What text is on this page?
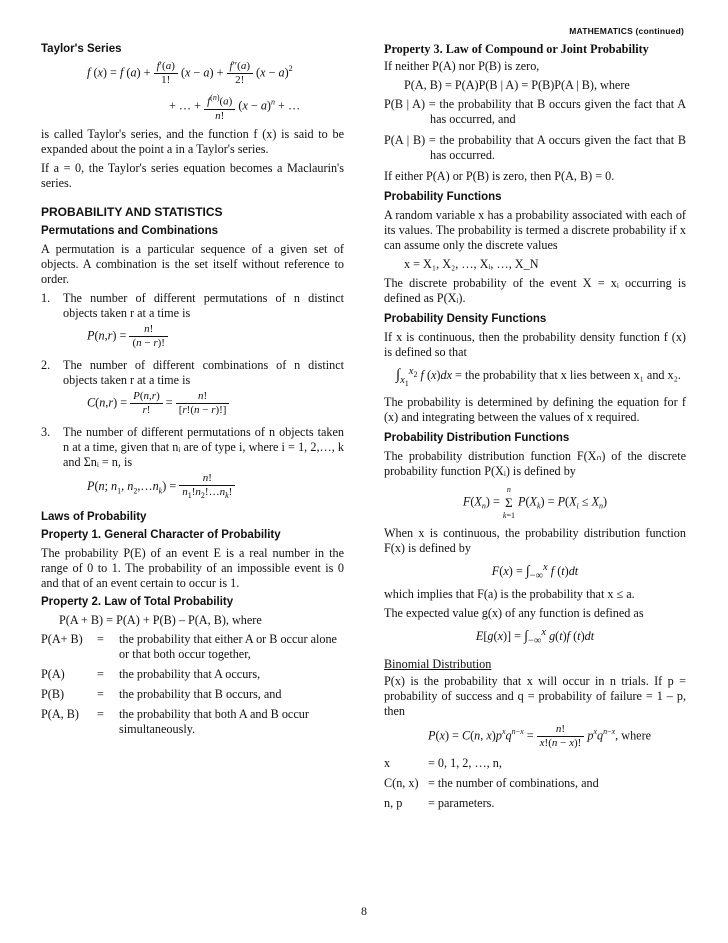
MATHEMATICS (continued)
Taylor's Series
f (x) = f $(a) + \frac{f'(a)}{1!} (x - a) + \frac{f''(a)}{2!} (x - a)^2$
+ … + $\frac{f^{(n)}(a)}{n!} (x - a)^n$ + …

is called Taylor's series, and the function f (x) is said to be expanded about the point a in a Taylor's series.

If a = 0, the Taylor's series equation becomes a Maclaurin's series.

PROBABILITY AND STATISTICS
Permutations and Combinations

A permutation is a particular sequence of a given set of objects. A combination is the set itself without reference to order.

1.	The number of different permutations of n distinct objects taken r at a time is
$P(n,r) = \frac{n!}{(n - r)!}$
2.	The number of different combinations of n distinct objects taken r at a time is
$C(n,r) = \frac{P(n,r)}{r!} = \frac{n!}{[r!(n - r)!]}$
3.	The number of different permutations of n objects taken n at a time, given that nᵢ are of type i, where i = 1, 2,…, k and Σnᵢ = n, is
P(n; $n_1$, $n_2,\dots n_k) = \frac{n!}{n_1!n_2!\dots n_k!}$
Laws of Probability
Property 1. General Character of Probability

The probability P(E) of an event E is a real number in the range of 0 to 1. The probability of an impossible event is 0 and that of an event certain to occur is 1.

Property 2. Law of Total Probability

P(A + B) = P(A) + P(B) – P(A, B), where

P(A+ B)	=	the probability that either A or B occur alone or that both occur together,
P(A)	=	the probability that A occurs,
P(B)	=	the probability that B occurs, and
P(A, B)	=	the probability that both A and B occur simultaneously.
Property 3. Law of Compound or Joint Probability

If neither P(A) nor P(B) is zero,

P(A, B) = P(A)P(B | A) = P(B)P(A | B), where

P(B | A) = the probability that B occurs given the fact that A has occurred, and

P(A | B) = the probability that A occurs given the fact that B has occurred.

If either P(A) or P(B) is zero, then P(A, B) = 0.

Probability Functions

A random variable x has a probability associated with each of its values. The probability is termed a discrete probability if x can assume only the discrete values

x = X₁, X₂, …, Xᵢ, …, X_N

The discrete probability of the event X = xᵢ occurring is defined as P(Xᵢ).

Probability Density Functions

If x is continuous, then the probability density function f (x) is defined so that

$\int_{x_1}^{x_2}$ f (x)dx = the probability that x lies between x₁ and x₂.

The probability is determined by defining the equation for f (x) and integrating between the values of x required.

Probability Distribution Functions

The probability distribution function F(Xₙ) of the discrete probability function P(Xᵢ) is defined by

$F(X_n)$ =
n
Σ
k=1
$P(X_k) = P(X_i \le X_n)$

When x is continuous, the probability distribution function F(x) is defined by

$F(x) = \int_{-\infty}^x$ f (t)dt

which implies that F(a) is the probability that x ≤ a.

The expected value g(x) of any function is defined as

$E[g(x)] = \int_{-\infty}^x$ g(t)f (t)dt
Binomial Distribution

P(x) is the probability that x will occur in n trials. If p = probability of success and q = probability of failure = 1 – p, then

P(x) = C(n, $x)p^xq^{n-x} = \frac{n!}{x!(n - x)!} p^xq^{n-x}$, where
x	= 0, 1, 2, …, n,
C(n, x) = the number of combinations, and
n, p	= parameters.
8
